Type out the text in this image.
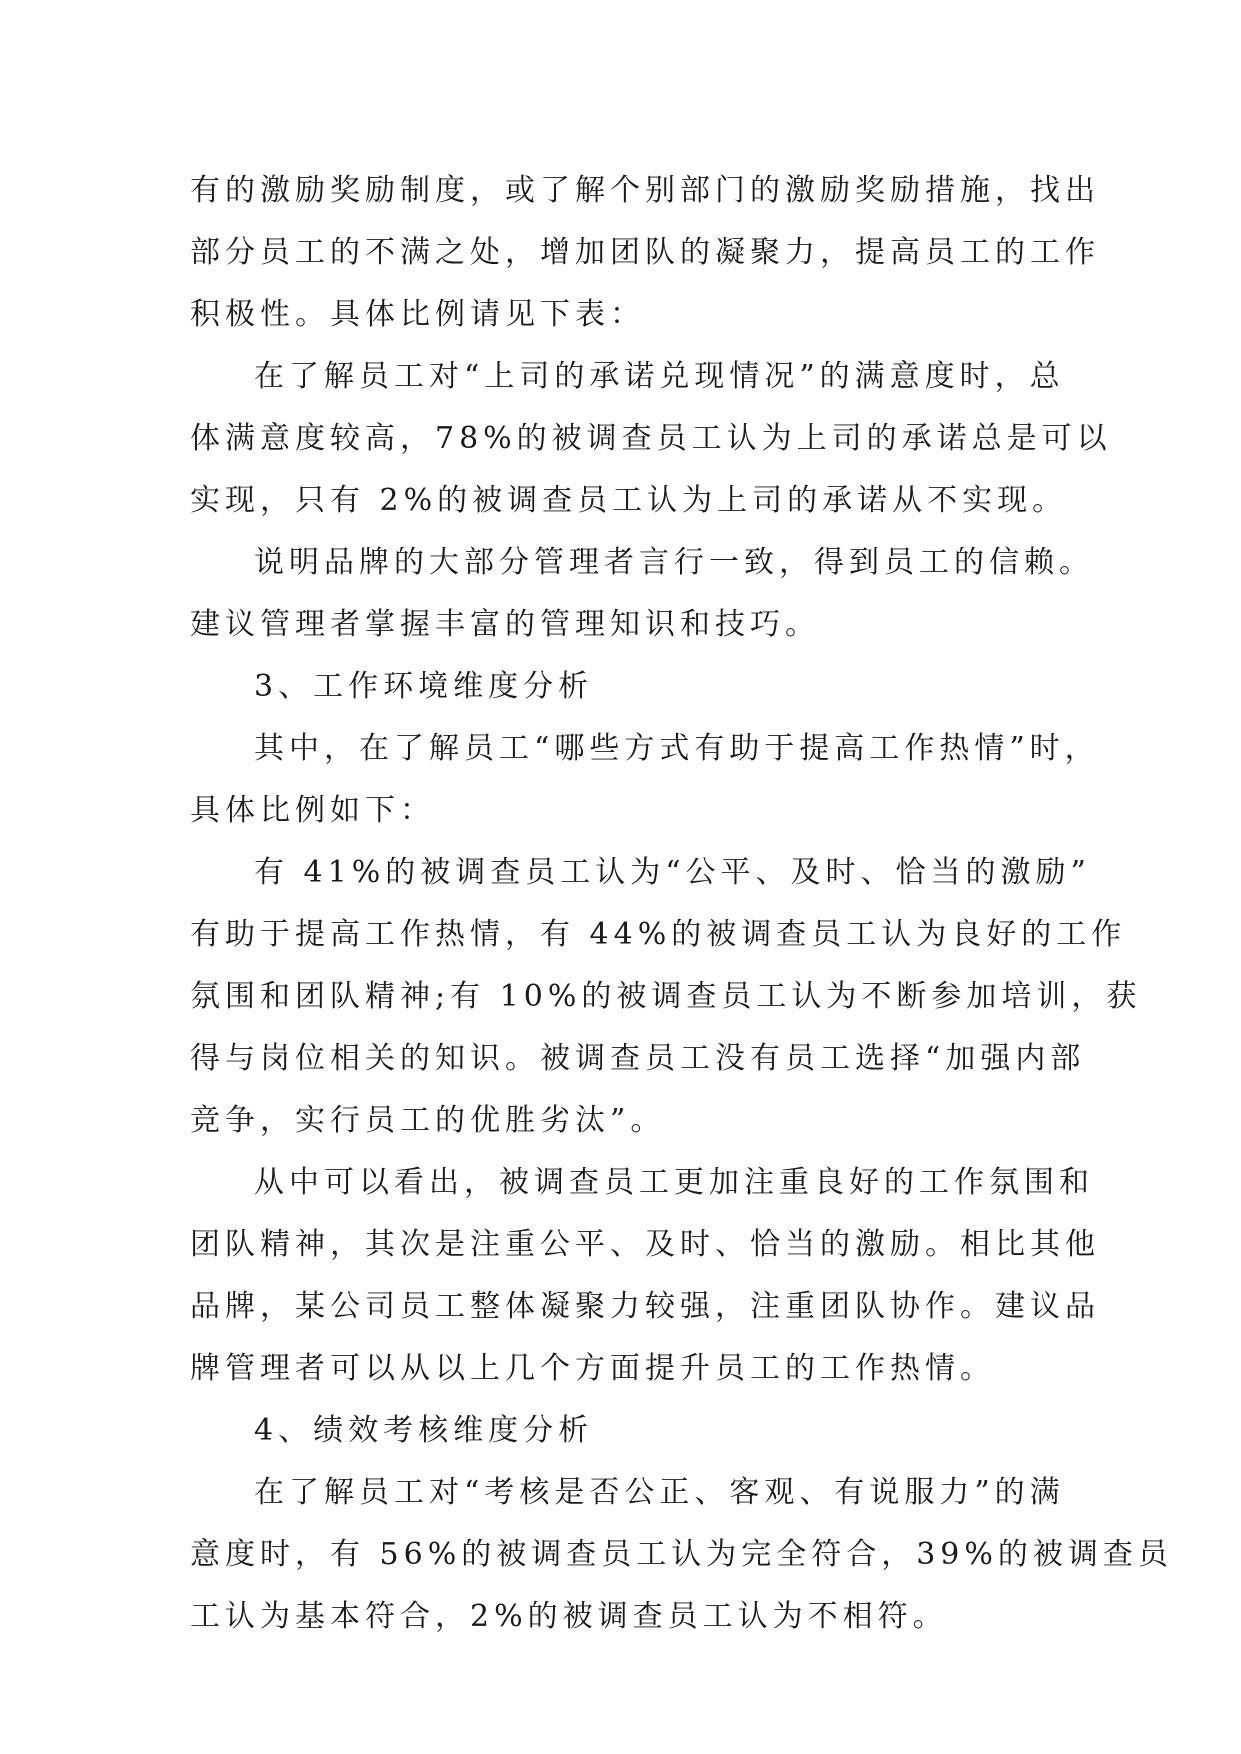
有的激励奖励制度，或了解个别部门的激励奖励措施，找出
部分员工的不满之处，增加团队的凝聚力，提高员工的工作
积极性。具体比例请见下表：
在了解员工对“上司的承诺兑现情况”的满意度时，总
体满意度较高，78%的被调查员工认为上司的承诺总是可以
实现，只有 2%的被调查员工认为上司的承诺从不实现。
说明品牌的大部分管理者言行一致，得到员工的信赖。
建议管理者掌握丰富的管理知识和技巧。
3、工作环境维度分析
其中，在了解员工“哪些方式有助于提高工作热情”时，
具体比例如下：
有 41%的被调查员工认为“公平、及时、恰当的激励”
有助于提高工作热情，有 44%的被调查员工认为良好的工作
氛围和团队精神;有 10%的被调查员工认为不断参加培训，获
得与岗位相关的知识。被调查员工没有员工选择“加强内部
竞争，实行员工的优胜劣汰”。
从中可以看出，被调查员工更加注重良好的工作氛围和
团队精神，其次是注重公平、及时、恰当的激励。相比其他
品牌，某公司员工整体凝聚力较强，注重团队协作。建议品
牌管理者可以从以上几个方面提升员工的工作热情。
4、绩效考核维度分析
在了解员工对“考核是否公正、客观、有说服力”的满
意度时，有 56%的被调查员工认为完全符合，39%的被调查员
工认为基本符合，2%的被调查员工认为不相符。
